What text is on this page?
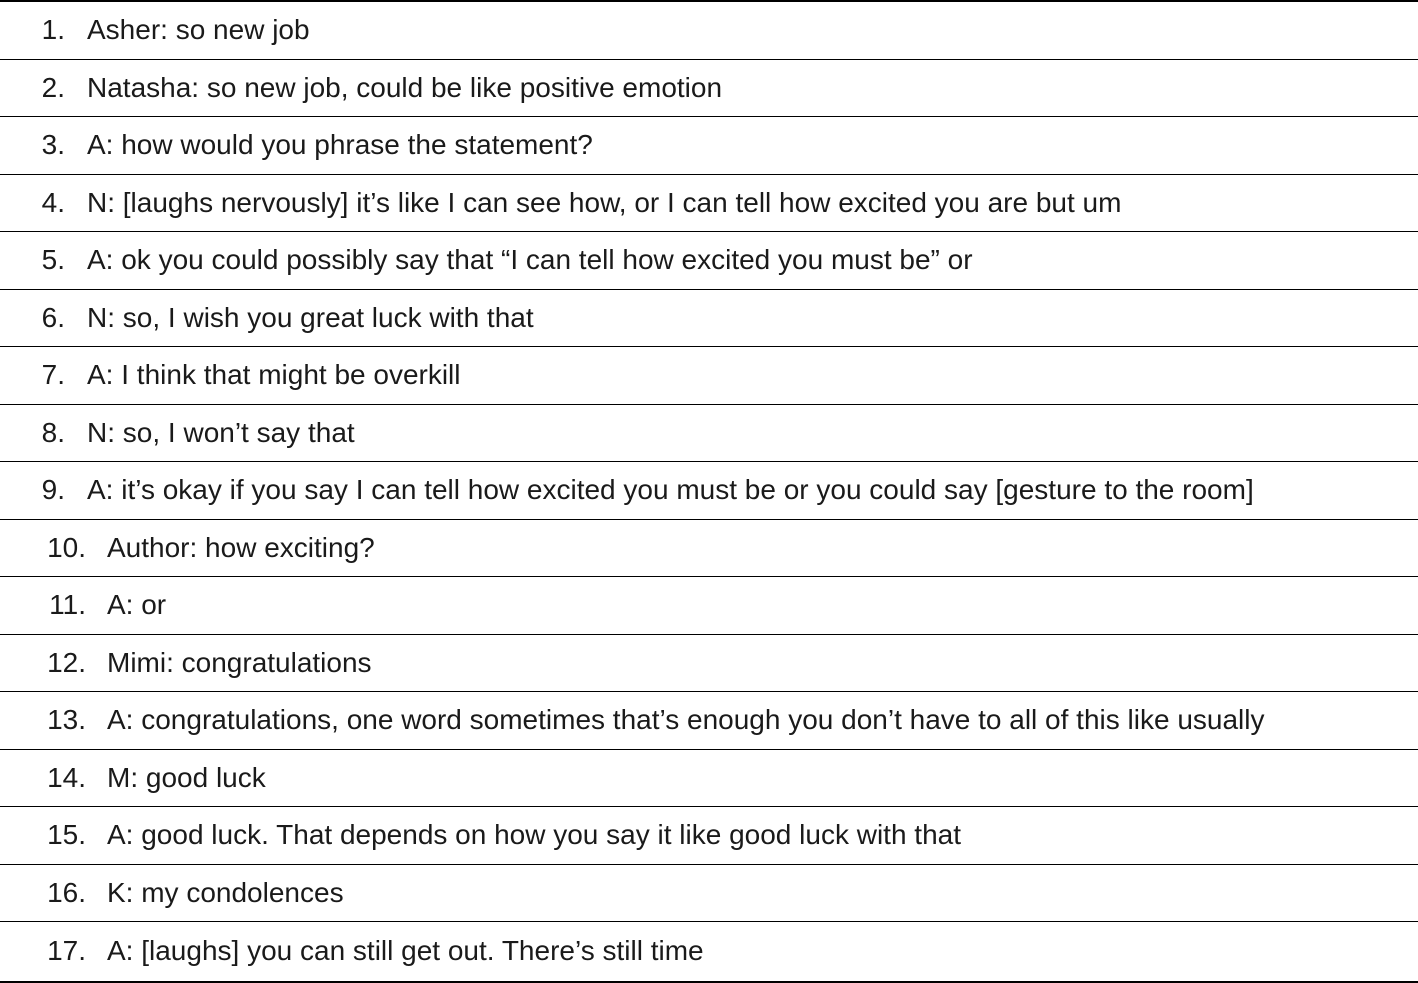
1. Asher: so new job
2. Natasha: so new job, could be like positive emotion
3. A: how would you phrase the statement?
4. N: [laughs nervously] it’s like I can see how, or I can tell how excited you are but um
5. A: ok you could possibly say that “I can tell how excited you must be” or
6. N: so, I wish you great luck with that
7. A: I think that might be overkill
8. N: so, I won’t say that
9. A: it’s okay if you say I can tell how excited you must be or you could say [gesture to the room]
10. Author: how exciting?
11. A: or
12. Mimi: congratulations
13. A: congratulations, one word sometimes that’s enough you don’t have to all of this like usually
14. M: good luck
15. A: good luck. That depends on how you say it like good luck with that
16. K: my condolences
17. A: [laughs] you can still get out. There’s still time
